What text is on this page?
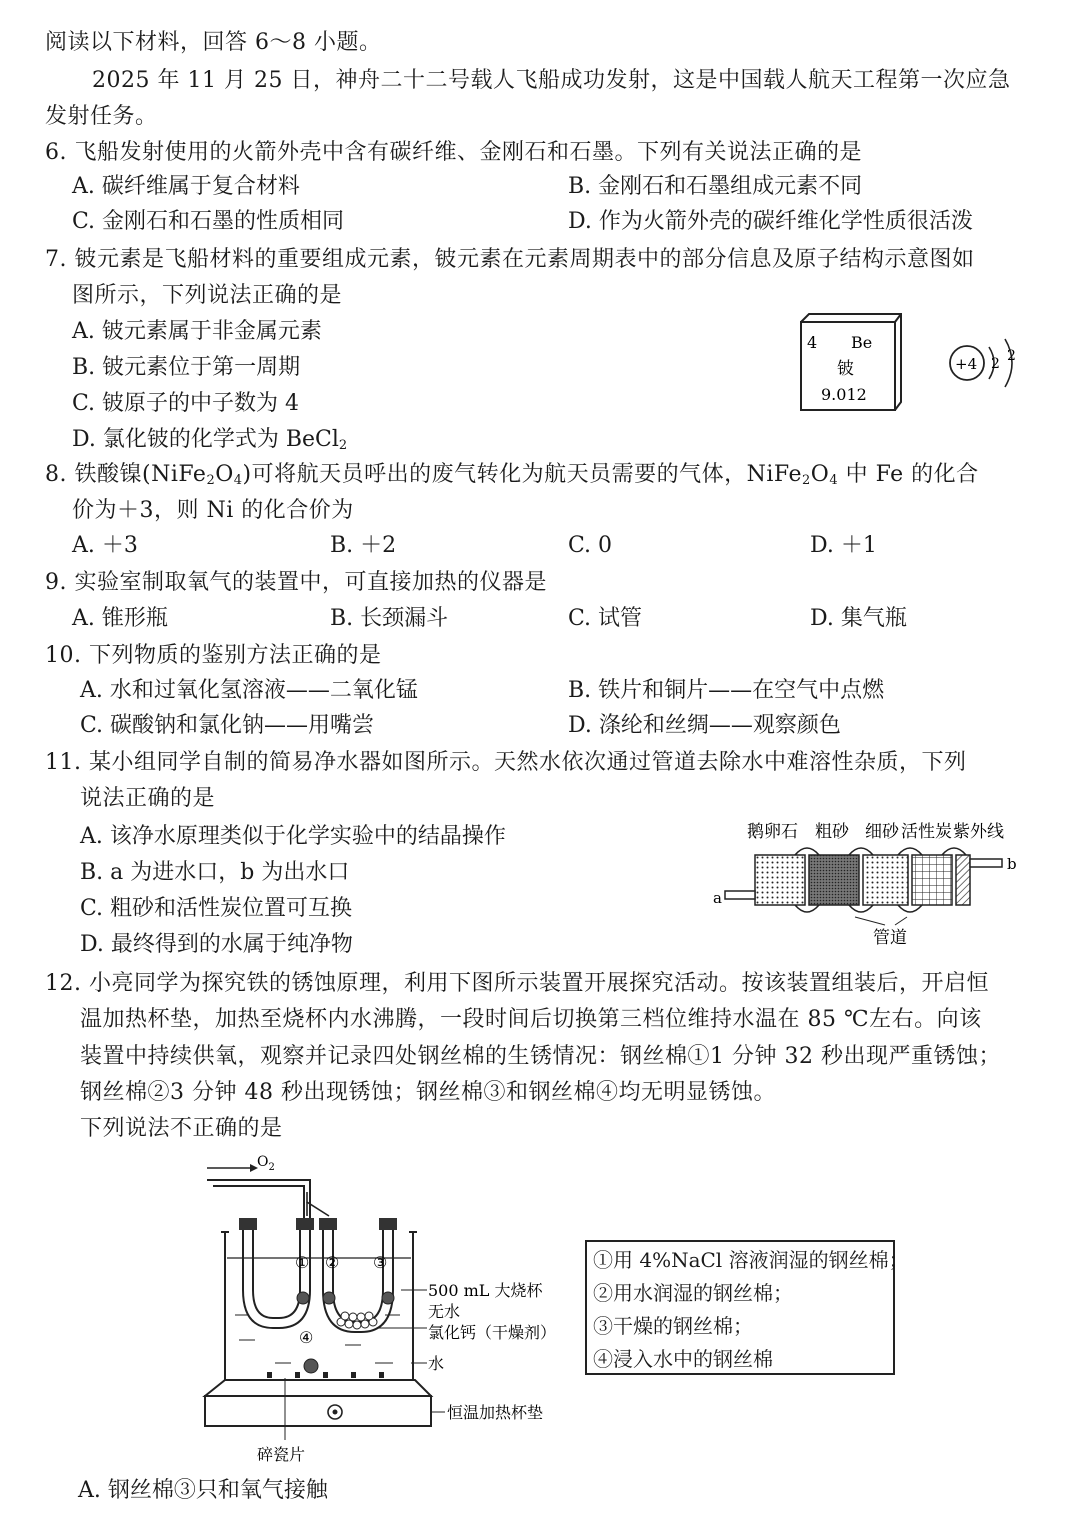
阅读以下材料，回答 6～8 小题。
2025 年 11 月 25 日，神舟二十二号载人飞船成功发射，这是中国载人航天工程第一次应急
发射任务。
6. 飞船发射使用的火箭外壳中含有碳纤维、金刚石和石墨。下列有关说法正确的是
A. 碳纤维属于复合材料	B. 金刚石和石墨组成元素不同
C. 金刚石和石墨的性质相同	D. 作为火箭外壳的碳纤维化学性质很活泼
7. 铍元素是飞船材料的重要组成元素，铍元素在元素周期表中的部分信息及原子结构示意图如
图所示，下列说法正确的是
A. 铍元素属于非金属元素
B. 铍元素位于第一周期
C. 铍原子的中子数为 4
D. 氯化铍的化学式为 BeCl$_2$
4 Be
铍
9.012
+4 2 2
8. 铁酸镍$(NiFe_2O_4)$可将航天员呼出的废气转化为航天员需要的气体，$NiFe_2O_4$ 中 Fe 的化合
价为＋3，则 Ni 的化合价为
A. ＋3	B. ＋2	C. 0	D. ＋1
9. 实验室制取氧气的装置中，可直接加热的仪器是
A. 锥形瓶	B. 长颈漏斗	C. 试管	D. 集气瓶
10. 下列物质的鉴别方法正确的是
A. 水和过氧化氢溶液——二氧化锰	B. 铁片和铜片——在空气中点燃
C. 碳酸钠和氯化钠——用嘴尝	D. 涤纶和丝绸——观察颜色
11. 某小组同学自制的简易净水器如图所示。天然水依次通过管道去除水中难溶性杂质，下列
说法正确的是
A. 该净水原理类似于化学实验中的结晶操作
B. a 为进水口，b 为出水口
C. 粗砂和活性炭位置可互换
D. 最终得到的水属于纯净物
鹅卵石 粗砂 细砂 活性炭 紫外线
a
b
管道
12. 小亮同学为探究铁的锈蚀原理，利用下图所示装置开展探究活动。按该装置组装后，开启恒
温加热杯垫，加热至烧杯内水沸腾，一段时间后切换第三档位维持水温在 85 ℃左右。向该
装置中持续供氧，观察并记录四处钢丝棉的生锈情况：钢丝棉①1 分钟 32 秒出现严重锈蚀；
钢丝棉②3 分钟 48 秒出现锈蚀；钢丝棉③和钢丝棉④均无明显锈蚀。
下列说法不正确的是
$O_2$
① ② ③
④
500 mL 大烧杯
无水
氯化钙（干燥剂）
水
恒温加热杯垫
碎瓷片
①用 4%NaCl 溶液润湿的钢丝棉；
②用水润湿的钢丝棉；
③干燥的钢丝棉；
④浸入水中的钢丝棉
A. 钢丝棉③只和氧气接触
